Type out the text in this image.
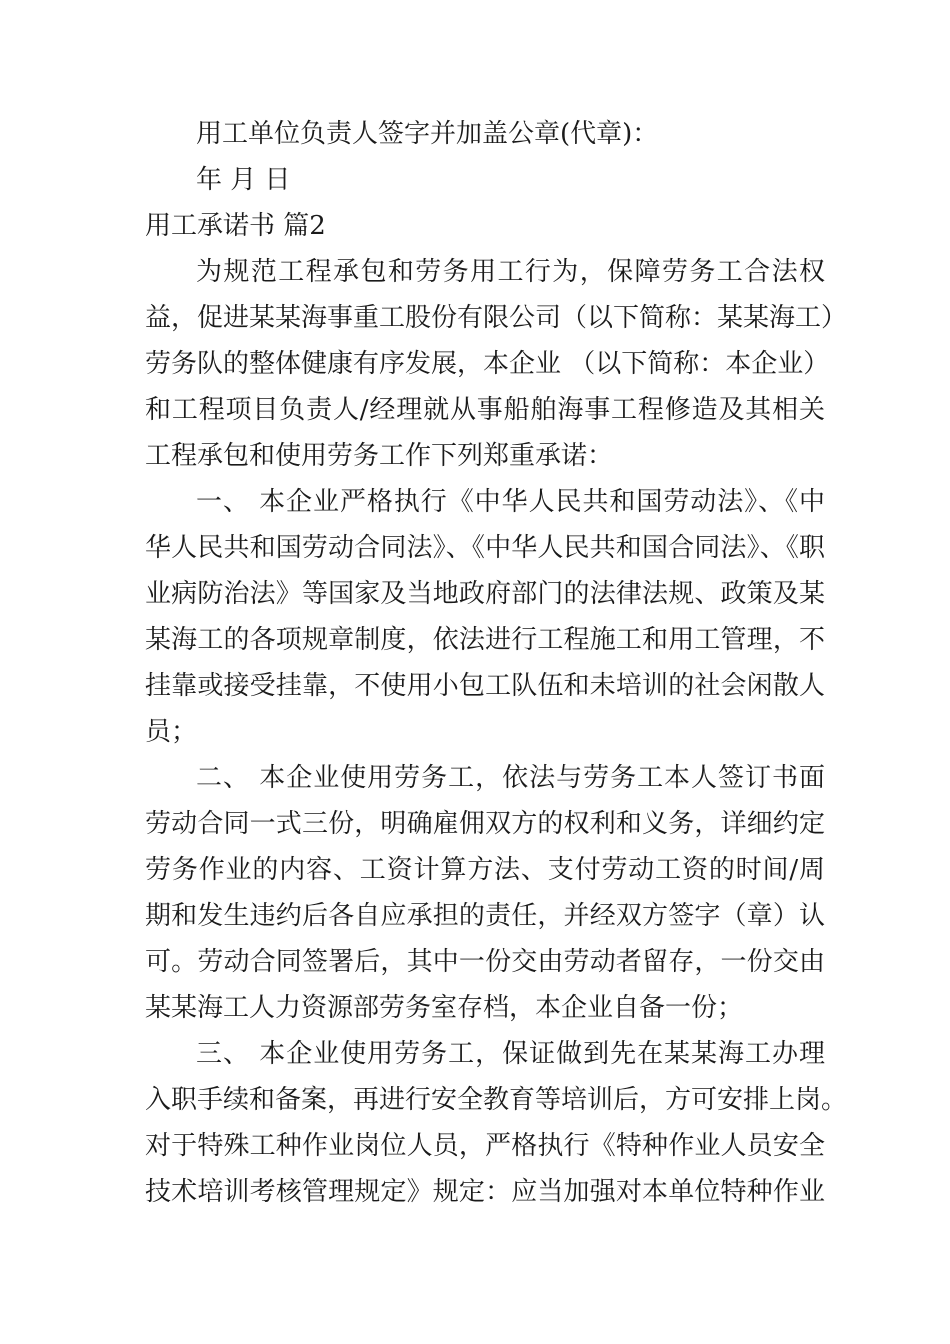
用工单位负责人签字并加盖公章(代章)：
年 月 日
用工承诺书 篇2
为规范工程承包和劳务用工行为，保障劳务工合法权
益，促进某某海事重工股份有限公司（以下简称：某某海工）
劳务队的整体健康有序发展，本企业 （以下简称：本企业）
和工程项目负责人/经理就从事船舶海事工程修造及其相关
工程承包和使用劳务工作下列郑重承诺：
一、 本企业严格执行《中华人民共和国劳动法》、《中
华人民共和国劳动合同法》、《中华人民共和国合同法》、《职
业病防治法》等国家及当地政府部门的法律法规、政策及某
某海工的各项规章制度，依法进行工程施工和用工管理，不
挂靠或接受挂靠，不使用小包工队伍和未培训的社会闲散人
员；
二、 本企业使用劳务工，依法与劳务工本人签订书面
劳动合同一式三份，明确雇佣双方的权利和义务，详细约定
劳务作业的内容、工资计算方法、支付劳动工资的时间/周
期和发生违约后各自应承担的责任，并经双方签字（章）认
可。劳动合同签署后，其中一份交由劳动者留存，一份交由
某某海工人力资源部劳务室存档，本企业自备一份；
三、 本企业使用劳务工，保证做到先在某某海工办理
入职手续和备案，再进行安全教育等培训后，方可安排上岗。
对于特殊工种作业岗位人员，严格执行《特种作业人员安全
技术培训考核管理规定》规定：应当加强对本单位特种作业
